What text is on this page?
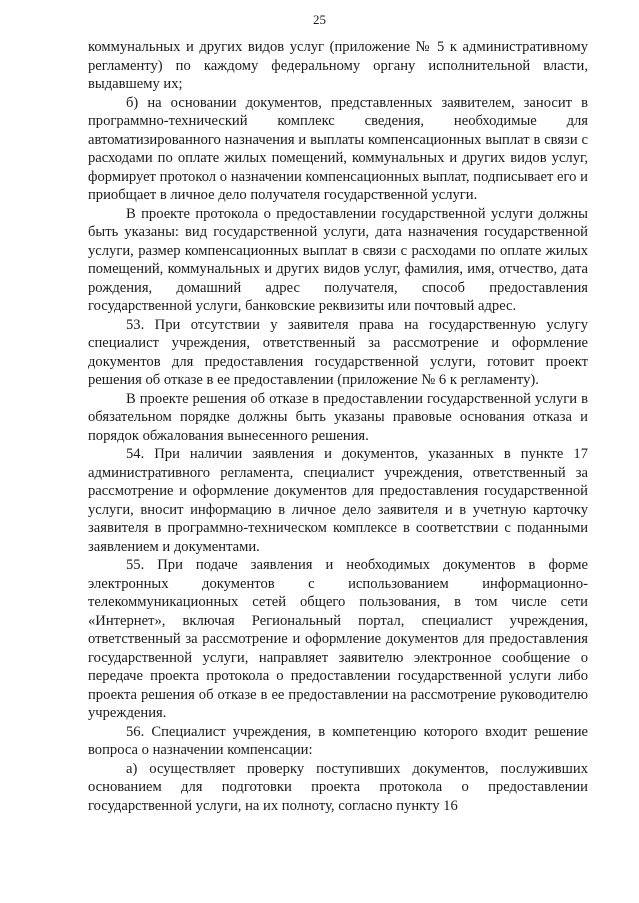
25

коммунальных и других видов услуг (приложение № 5 к административному регламенту) по каждому федеральному органу исполнительной власти, выдавшему их;

б) на основании документов, представленных заявителем, заносит в программно-технический комплекс сведения, необходимые для автоматизированного назначения и выплаты компенсационных выплат в связи с расходами по оплате жилых помещений, коммунальных и других видов услуг, формирует протокол о назначении компенсационных выплат, подписывает его и приобщает в личное дело получателя государственной услуги.

В проекте протокола о предоставлении государственной услуги должны быть указаны: вид государственной услуги, дата назначения государственной услуги, размер компенсационных выплат в связи с расходами по оплате жилых помещений, коммунальных и других видов услуг, фамилия, имя, отчество, дата рождения, домашний адрес получателя, способ предоставления государственной услуги, банковские реквизиты или почтовый адрес.

53. При отсутствии у заявителя права на государственную услугу специалист учреждения, ответственный за рассмотрение и оформление документов для предоставления государственной услуги, готовит проект решения об отказе в ее предоставлении (приложение № 6 к регламенту).

В проекте решения об отказе в предоставлении государственной услуги в обязательном порядке должны быть указаны правовые основания отказа и порядок обжалования вынесенного решения.

54. При наличии заявления и документов, указанных в пункте 17 административного регламента, специалист учреждения, ответственный за рассмотрение и оформление документов для предоставления государственной услуги, вносит информацию в личное дело заявителя и в учетную карточку заявителя в программно-техническом комплексе в соответствии с поданными заявлением и документами.

55. При подаче заявления и необходимых документов в форме электронных документов с использованием информационно-телекоммуникационных сетей общего пользования, в том числе сети «Интернет», включая Региональный портал, специалист учреждения, ответственный за рассмотрение и оформление документов для предоставления государственной услуги, направляет заявителю электронное сообщение о передаче проекта протокола о предоставлении государственной услуги либо проекта решения об отказе в ее предоставлении на рассмотрение руководителю учреждения.

56. Специалист учреждения, в компетенцию которого входит решение вопроса о назначении компенсации:

а) осуществляет проверку поступивших документов, послуживших основанием для подготовки проекта протокола о предоставлении государственной услуги, на их полноту, согласно пункту 16
